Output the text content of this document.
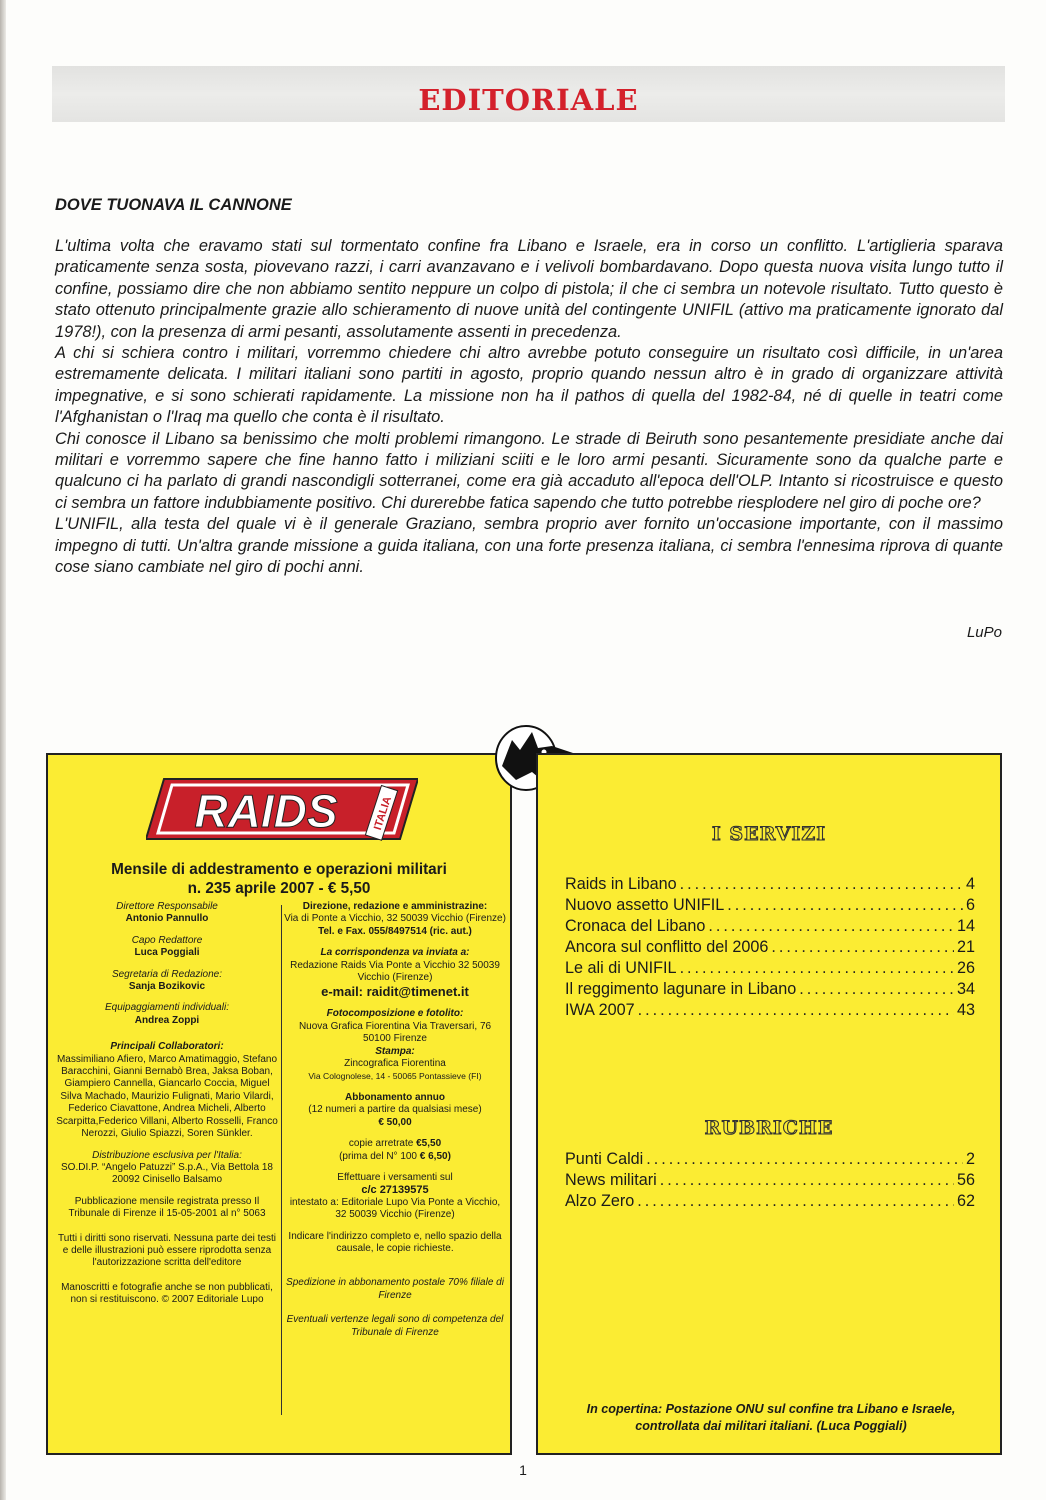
EDITORIALE
DOVE TUONAVA IL CANNONE

L'ultima volta che eravamo stati sul tormentato confine fra Libano e Israele, era in corso un conflitto. L'artiglieria sparava praticamente senza sosta, piovevano razzi, i carri avanzavano e i velivoli bombardavano. Dopo questa nuova visita lungo tutto il confine, possiamo dire che non abbiamo sentito neppure un colpo di pistola; il che ci sembra un notevole risultato. Tutto questo è stato ottenuto principalmente grazie allo schieramento di nuove unità del contingente UNIFIL (attivo ma praticamente ignorato dal 1978!), con la presenza di armi pesanti, assolutamente assenti in precedenza.

A chi si schiera contro i militari, vorremmo chiedere chi altro avrebbe potuto conseguire un risultato così difficile, in un'area estremamente delicata. I militari italiani sono partiti in agosto, proprio quando nessun altro è in grado di organizzare attività impegnative, e si sono schierati rapidamente. La missione non ha il pathos di quella del 1982-84, né di quelle in teatri come l'Afghanistan o l'Iraq ma quello che conta è il risultato.

Chi conosce il Libano sa benissimo che molti problemi rimangono. Le strade di Beiruth sono pesantemente presidiate anche dai militari e vorremmo sapere che fine hanno fatto i miliziani sciiti e le loro armi pesanti. Sicuramente sono da qualche parte e qualcuno ci ha parlato di grandi nascondigli sotterranei, come era già accaduto all'epoca dell'OLP. Intanto si ricostruisce e questo ci sembra un fattore indubbiamente positivo. Chi durerebbe fatica sapendo che tutto potrebbe riesplodere nel giro di poche ore?

L'UNIFIL, alla testa del quale vi è il generale Graziano, sembra proprio aver fornito un'occasione importante, con il massimo impegno di tutti. Un'altra grande missione a guida italiana, con una forte presenza italiana, ci sembra l'ennesima riprova di quante cose siano cambiate nel giro di pochi anni.

LuPo
RAIDS	ITALIA
Mensile di addestramento e operazioni militari
n. 235 aprile 2007 - € 5,50
Direttore Responsabile
Antonio Pannullo
Capo Redattore
Luca Poggiali
Segretaria di Redazione:
Sanja Bozikovic
Equipaggiamenti individuali:
Andrea Zoppi
Principali Collaboratori:
Massimiliano Afiero, Marco Amatimaggio, Stefano Baracchini, Gianni Bernabò Brea, Jaksa Boban, Giampiero Cannella, Giancarlo Coccia, Miguel Silva Machado, Maurizio Fulignati, Mario Vilardi, Federico Ciavattone, Andrea Micheli, Alberto Scarpitta,Federico Villani, Alberto Rosselli, Franco Nerozzi, Giulio Spiazzi, Soren Sünkler.
Distribuzione esclusiva per l'Italia:
SO.DI.P. “Angelo Patuzzi” S.p.A., Via Bettola 18 20092 Cinisello Balsamo
Pubblicazione mensile registrata presso Il Tribunale di Firenze il 15-05-2001 al n° 5063
Tutti i diritti sono riservati. Nessuna parte dei testi e delle illustrazioni può essere riprodotta senza l'autorizzazione scritta dell'editore
Manoscritti e fotografie anche se non pubblicati, non si restituiscono. © 2007 Editoriale Lupo
Direzione, redazione e amministrazine:
Via di Ponte a Vicchio, 32 50039 Vicchio (Firenze)
Tel. e Fax. 055/8497514 (ric. aut.)
La corrispondenza va inviata a:
Redazione Raids Via Ponte a Vicchio 32 50039 Vicchio (Firenze)
e-mail: raidit@timenet.it
Fotocomposizione e fotolito:
Nuova Grafica Fiorentina Via Traversari, 76 50100 Firenze
Stampa:
Zincografica Fiorentina
Via Colognolese, 14 - 50065 Pontassieve (FI)
Abbonamento annuo
(12 numeri a partire da qualsiasi mese)
€ 50,00
copie arretrate €5,50
(prima del N° 100 € 6,50)
Effettuare i versamenti sul
c/c 27139575
intestato a: Editoriale Lupo Via Ponte a Vicchio, 32 50039 Vicchio (Firenze)
Indicare l'indirizzo completo e, nello spazio della causale, le copie richieste.
Spedizione in abbonamento postale 70% filiale di Firenze
Eventuali vertenze legali sono di competenza del Tribunale di Firenze
I SERVIZI
Raids in Libano .....	4
Nuovo assetto UNIFIL .....	6
Cronaca del Libano .....	14
Ancora sul conflitto del 2006 .....	21
Le ali di UNIFIL .....	26
Il reggimento lagunare in Libano .....	34
IWA 2007 .....	43
RUBRICHE
Punti Caldi .....	2
News militari .....	56
Alzo Zero .....	62
In copertina: Postazione ONU sul confine tra Libano e Israele,
controllata dai militari italiani. (Luca Poggiali)
1
